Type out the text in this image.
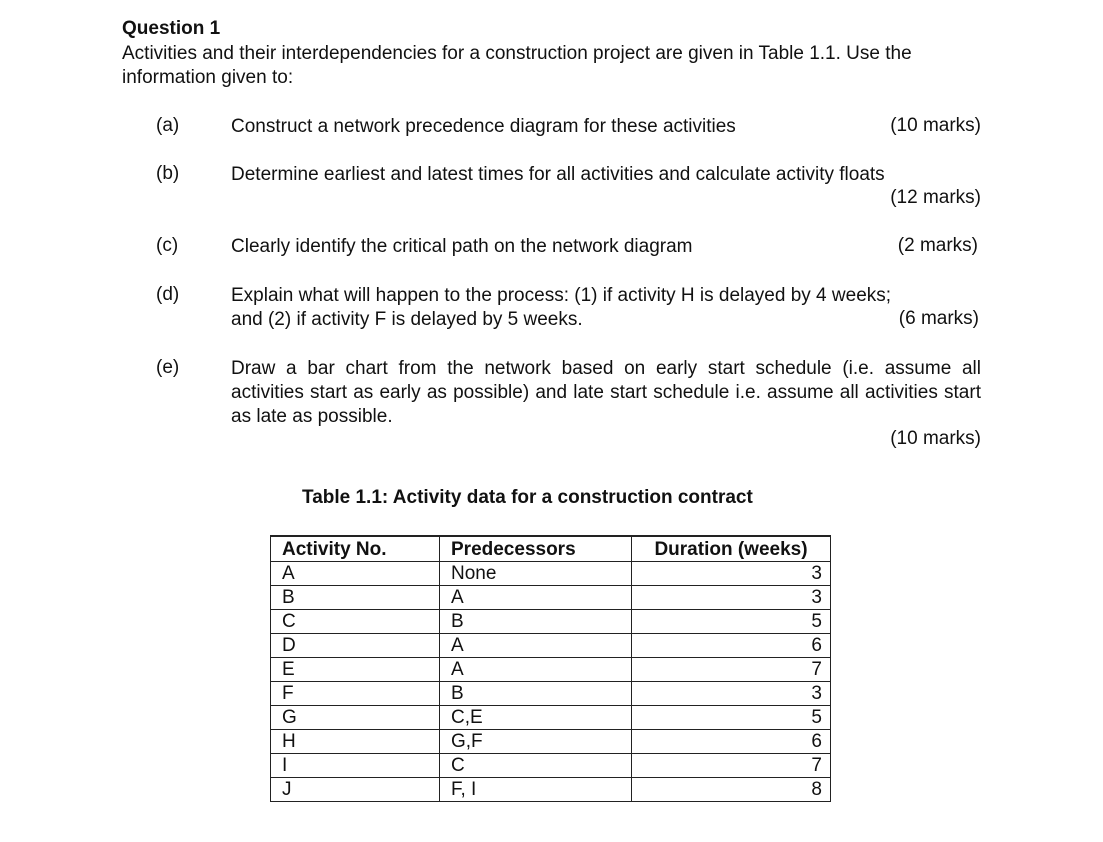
Question 1
Activities and their interdependencies for a construction project are given in Table 1.1. Use the information given to:
(a)	Construct a network precedence diagram for these activities	(10 marks)
(b)	Determine earliest and latest times for all activities and calculate activity floats
(12 marks)
(c)	Clearly identify the critical path on the network diagram	(2 marks)
(d)	Explain what will happen to the process: (1) if activity H is delayed by 4 weeks;
and (2) if activity F is delayed by 5 weeks.	(6 marks)
(e)	Draw a bar chart from the network based on early start schedule (i.e. assume all activities start as early as possible) and late start schedule i.e. assume all activities start as late as possible.
(10 marks)
Table 1.1: Activity data for a construction contract
Activity No.	Predecessors	Duration (weeks)
A	None	3
B	A	3
C	B	5
D	A	6
E	A	7
F	B	3
G	C,E	5
H	G,F	6
I	C	7
J	F, I	8
